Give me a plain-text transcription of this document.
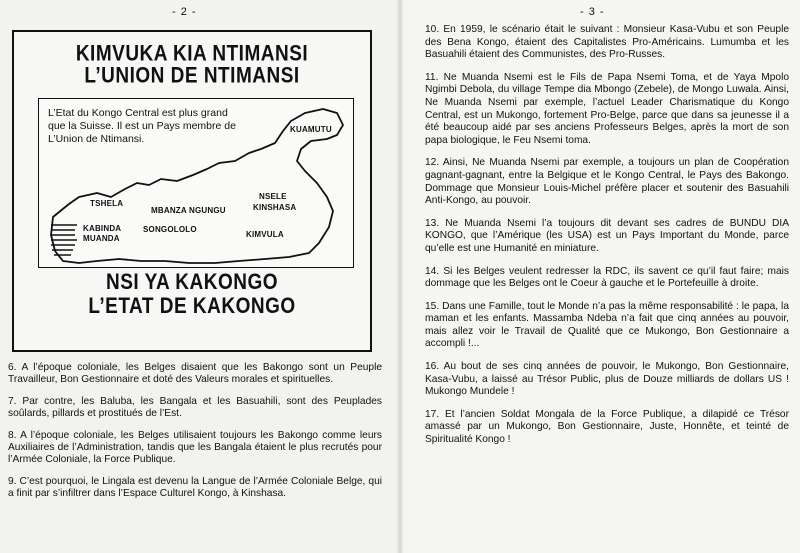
- 2 -
KIMVUKA KIA NTIMANSI
L’UNION DE NTIMANSI
L’Etat du Kongo Central est plus grand que la Suisse. Il est un Pays membre de L’Union de Ntimansi.
KUAMUTU
NSELE
KINSHASA
TSHELA
MBANZA NGUNGU
KABINDA
MUANDA
SONGOLOLO
KIMVULA
NSI YA KAKONGO
L’ETAT DE KAKONGO

6. A l’époque coloniale, les Belges disaient que les Bakongo sont un Peuple Travailleur, Bon Gestionnaire et doté des Valeurs morales et spirituelles.

7. Par contre, les Baluba, les Bangala et les Basuahili, sont des Peuplades soûlards, pillards et prostitués de l’Est.

8. A l’époque coloniale, les Belges utilisaient toujours les Bakongo comme leurs Auxiliaires de l’Administration, tandis que les Bangala étaient le plus recrutés pour l’Armée Coloniale, la Force Publique.

9. C’est pourquoi, le Lingala est devenu la Langue de l’Armée Coloniale Belge, qui a finit par s’infiltrer dans l’Espace Culturel Kongo, à Kinshasa.

- 3 -

10. En 1959, le scénario était le suivant : Monsieur Kasa-Vubu et son Peuple des Bena Kongo, étaient des Capitalistes Pro-Américains. Lumumba et les Basuahili étaient des Communistes, des Pro-Russes.

11. Ne Muanda Nsemi est le Fils de Papa Nsemi Toma, et de Yaya Mpolo Ngimbi Debola, du village Tempe dia Mbongo (Zebele), de Mongo Luwala. Ainsi, Ne Muanda Nsemi par exemple, l’actuel Leader Charismatique du Kongo Central, est un Mukongo, fortement Pro-Belge, parce que dans sa jeunesse il a été beaucoup aidé par ses anciens Professeurs Belges, après la mort de son papa biologique, le Feu Nsemi toma.

12. Ainsi, Ne Muanda Nsemi par exemple, a toujours un plan de Coopération gagnant-gagnant, entre la Belgique et le Kongo Central, le Pays des Bakongo. Dommage que Monsieur Louis-Michel préfère placer et soutenir des Basuahili Anti-Kongo, au pouvoir.

13. Ne Muanda Nsemi l’a toujours dit devant ses cadres de BUNDU DIA KONGO, que l’Amérique (les USA) est un Pays Important du Monde, parce qu’elle est une Humanité en miniature.

14. Si les Belges veulent redresser la RDC, ils savent ce qu’il faut faire; mais dommage que les Belges ont le Coeur à gauche et le Portefeuille à droite.

15. Dans une Famille, tout le Monde n’a pas la même responsabilité : le papa, la maman et les enfants. Massamba Ndeba n’a fait que cinq années au pouvoir, mais allez voir le Travail de Qualité que ce Mukongo, Bon Gestionnaire a accompli !...

16. Au bout de ses cinq années de pouvoir, le Mukongo, Bon Gestionnaire, Kasa-Vubu, a laissé au Trésor Public, plus de Douze milliards de dollars US ! Mukongo Mundele !

17. Et l’ancien Soldat Mongala de la Force Publique, a dilapidé ce Trésor amassé par un Mukongo, Bon Gestionnaire, Juste, Honnête, et teinté de Spiritualité Kongo !
